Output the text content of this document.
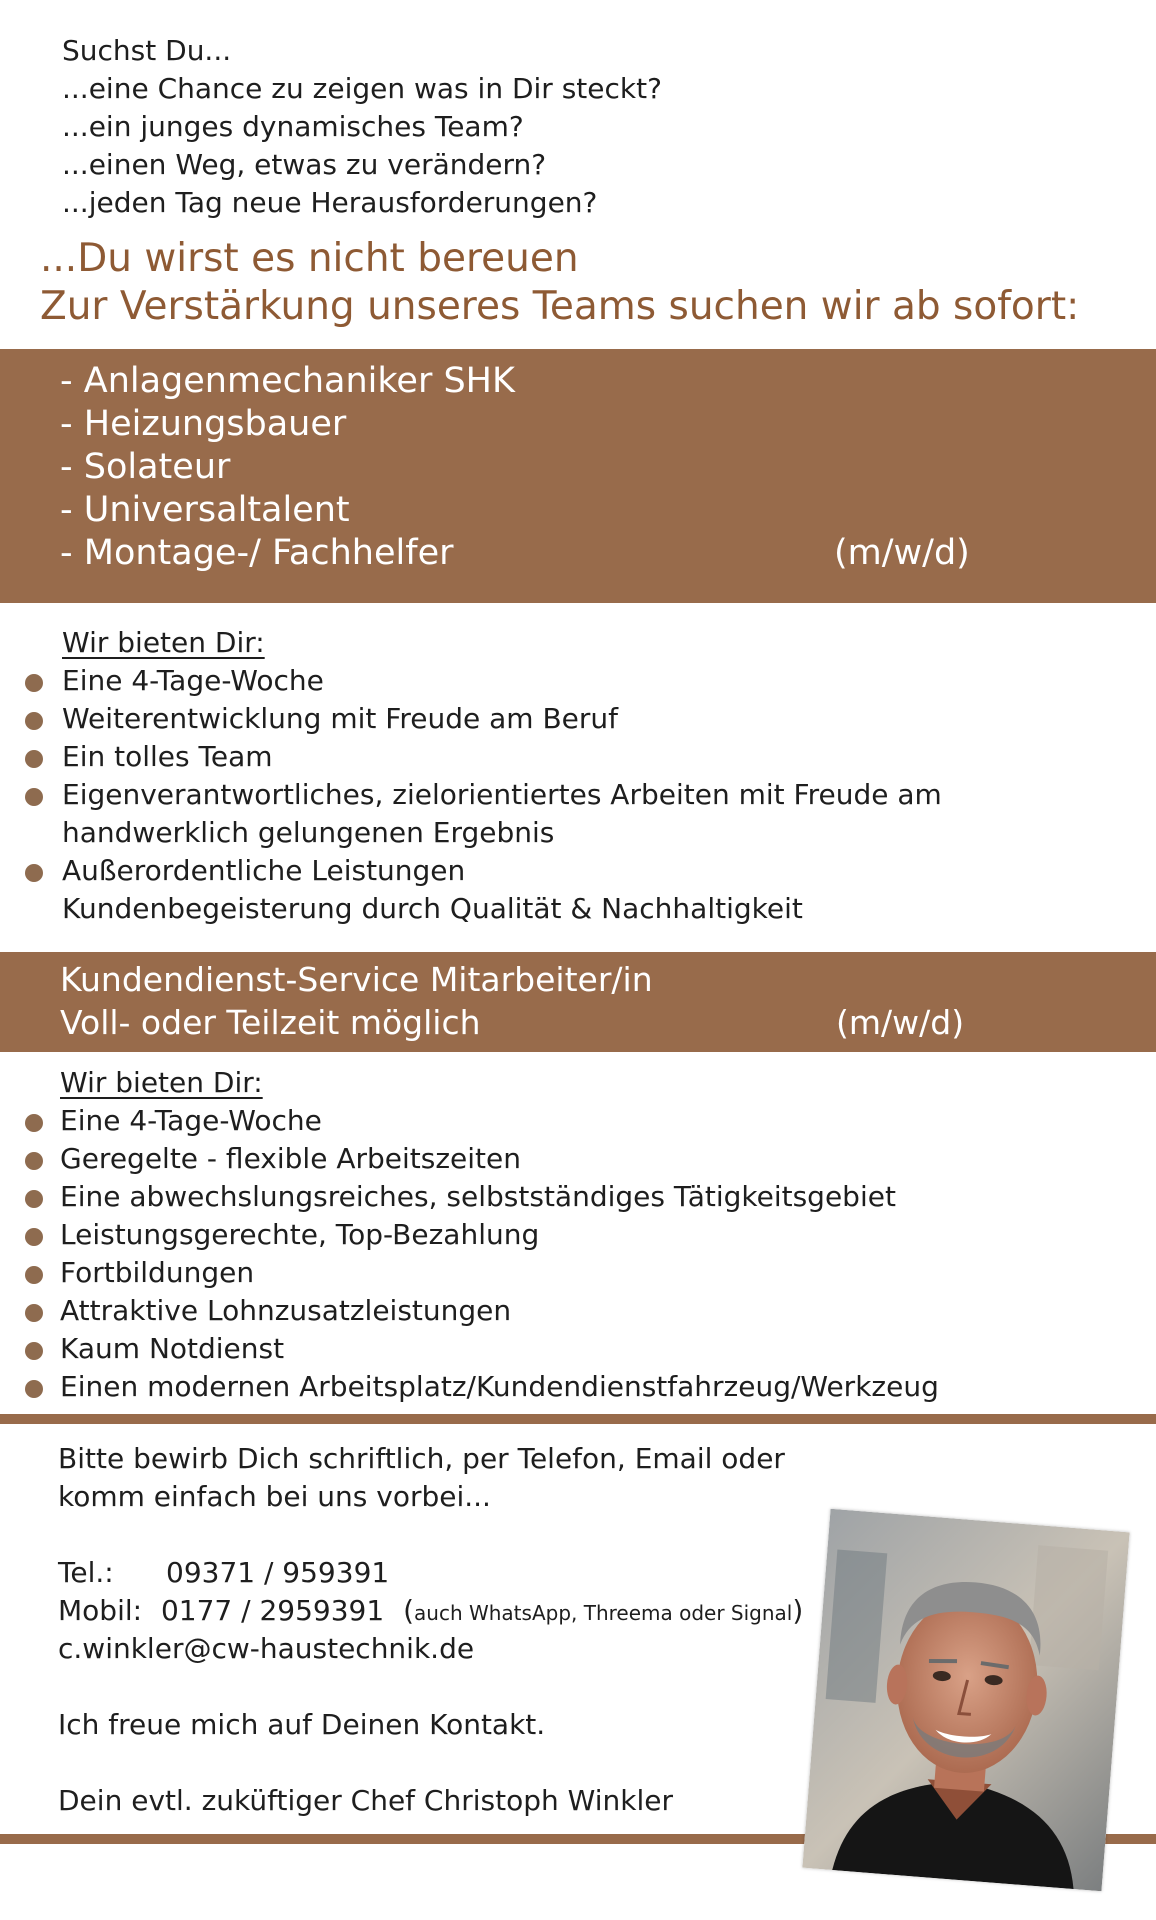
Suchst Du...
...eine Chance zu zeigen was in Dir steckt?
...ein junges dynamisches Team?
...einen Weg, etwas zu verändern?
...jeden Tag neue Herausforderungen?
...Du wirst es nicht bereuen
Zur Verstärkung unseres Teams suchen wir ab sofort:
- Anlagenmechaniker SHK
- Heizungsbauer
- Solateur
- Universaltalent
- Montage-/ Fachhelfer	(m/w/d)
Wir bieten Dir:
Eine 4-Tage-Woche
Weiterentwicklung mit Freude am Beruf
Ein tolles Team
Eigenverantwortliches, zielorientiertes Arbeiten mit Freude am
handwerklich gelungenen Ergebnis
Außerordentliche Leistungen
Kundenbegeisterung durch Qualität & Nachhaltigkeit
Kundendienst-Service Mitarbeiter/in
Voll- oder Teilzeit möglich	(m/w/d)
Wir bieten Dir:
Eine 4-Tage-Woche
Geregelte - flexible Arbeitszeiten
Eine abwechslungsreiches, selbstständiges Tätigkeitsgebiet
Leistungsgerechte, Top-Bezahlung
Fortbildungen
Attraktive Lohnzusatzleistungen
Kaum Notdienst
Einen modernen Arbeitsplatz/Kundendienstfahrzeug/Werkzeug
Bitte bewirb Dich schriftlich, per Telefon, Email oder
komm einfach bei uns vorbei...
Tel.: 09371 / 959391
Mobil: 0177 / 2959391 (auch WhatsApp, Threema oder Signal)
c.winkler@cw-haustechnik.de
Ich freue mich auf Deinen Kontakt.
Dein evtl. zuküftiger Chef Christoph Winkler
